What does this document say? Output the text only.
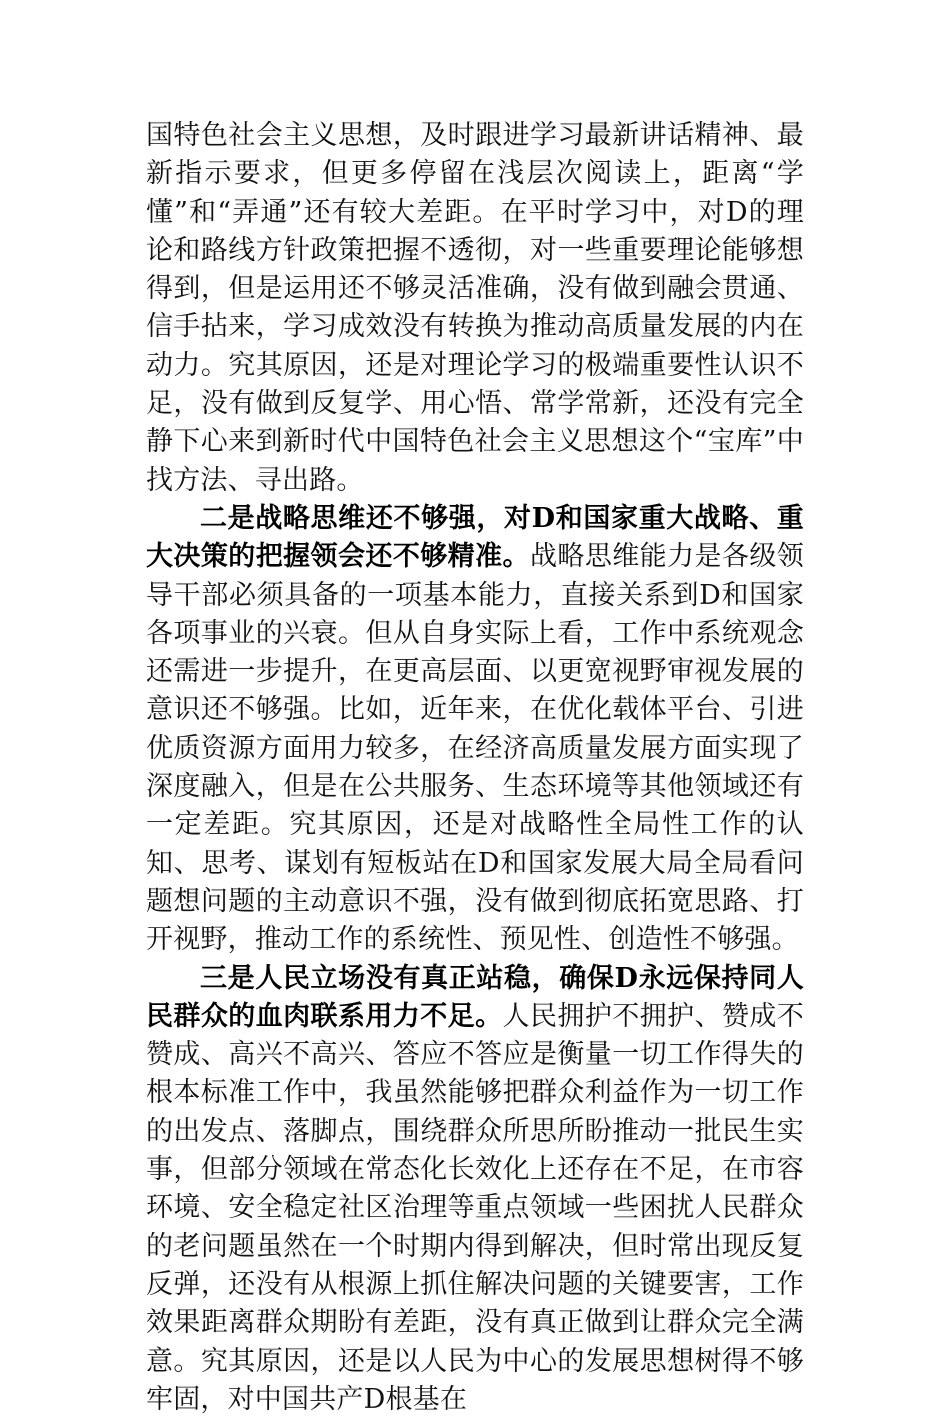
国特色社会主义思想，及时跟进学习最新讲话精神、最新指示要求，但更多停留在浅层次阅读上，距离“学懂”和“弄通”还有较大差距。在平时学习中，对D的理论和路线方针政策把握不透彻，对一些重要理论能够想得到，但是运用还不够灵活准确，没有做到融会贯通、信手拈来，学习成效没有转换为推动高质量发展的内在动力。究其原因，还是对理论学习的极端重要性认识不足，没有做到反复学、用心悟、常学常新，还没有完全静下心来到新时代中国特色社会主义思想这个“宝库”中找方法、寻出路。

二是战略思维还不够强，对D和国家重大战略、重大决策的把握领会还不够精准。战略思维能力是各级领导干部必须具备的一项基本能力，直接关系到D和国家各项事业的兴衰。但从自身实际上看，工作中系统观念还需进一步提升，在更高层面、以更宽视野审视发展的意识还不够强。比如，近年来，在优化载体平台、引进优质资源方面用力较多，在经济高质量发展方面实现了深度融入，但是在公共服务、生态环境等其他领域还有一定差距。究其原因，还是对战略性全局性工作的认知、思考、谋划有短板站在D和国家发展大局全局看问题想问题的主动意识不强，没有做到彻底拓宽思路、打开视野，推动工作的系统性、预见性、创造性不够强。

三是人民立场没有真正站稳，确保D永远保持同人民群众的血肉联系用力不足。人民拥护不拥护、赞成不赞成、高兴不高兴、答应不答应是衡量一切工作得失的根本标准工作中，我虽然能够把群众利益作为一切工作的出发点、落脚点，围绕群众所思所盼推动一批民生实事，但部分领域在常态化长效化上还存在不足，在市容环境、安全稳定社区治理等重点领域一些困扰人民群众的老问题虽然在一个时期内得到解决，但时常出现反复反弹，还没有从根源上抓住解决问题的关键要害，工作效果距离群众期盼有差距，没有真正做到让群众完全满意。究其原因，还是以人民为中心的发展思想树得不够牢固，对中国共产D根基在
